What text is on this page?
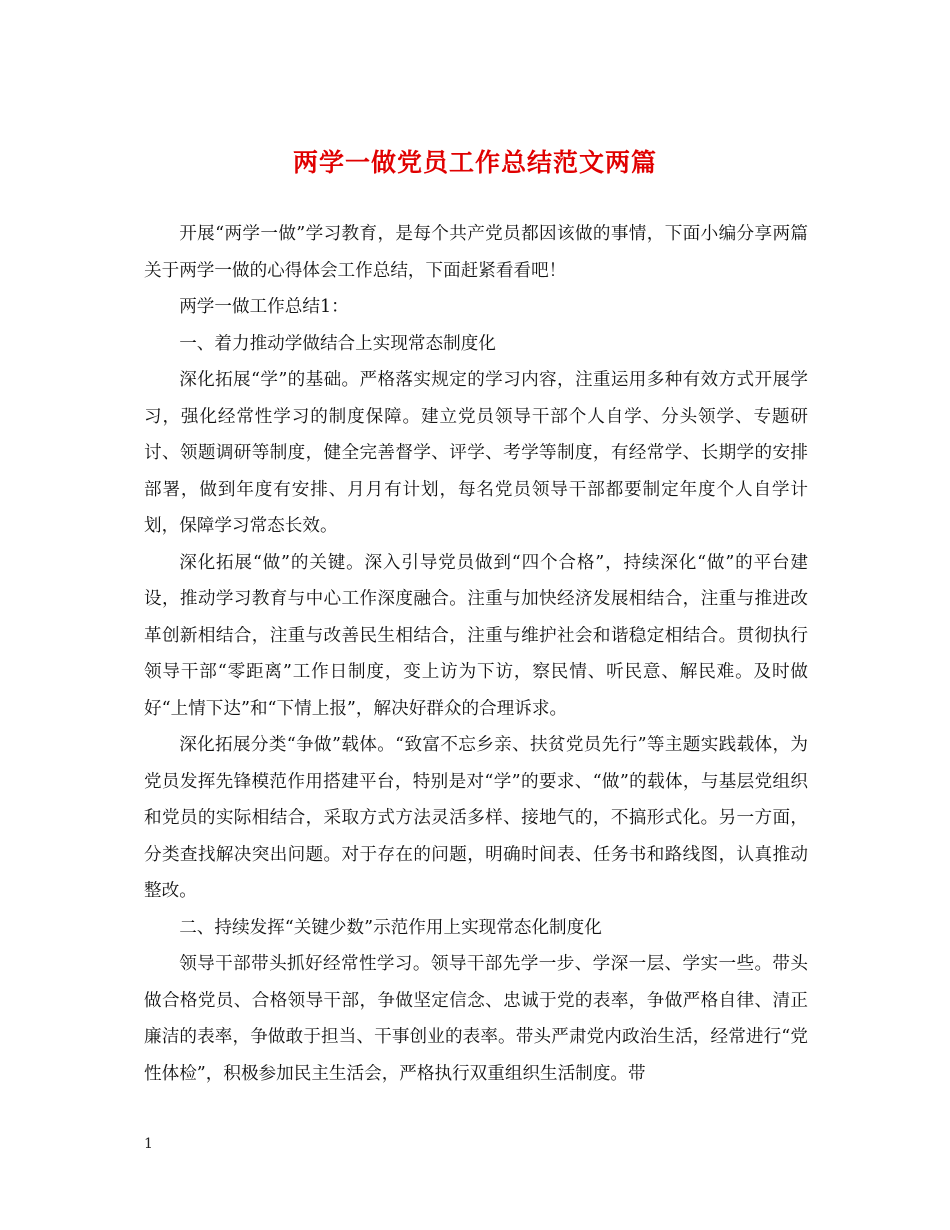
两学一做党员工作总结范文两篇

开展“两学一做”学习教育，是每个共产党员都因该做的事情，下面小编分享两篇关于两学一做的心得体会工作总结，下面赶紧看看吧！

两学一做工作总结1：

一、着力推动学做结合上实现常态制度化

深化拓展“学”的基础。严格落实规定的学习内容，注重运用多种有效方式开展学习，强化经常性学习的制度保障。建立党员领导干部个人自学、分头领学、专题研讨、领题调研等制度，健全完善督学、评学、考学等制度，有经常学、长期学的安排部署，做到年度有安排、月月有计划，每名党员领导干部都要制定年度个人自学计划，保障学习常态长效。

深化拓展“做”的关键。深入引导党员做到“四个合格”，持续深化“做”的平台建设，推动学习教育与中心工作深度融合。注重与加快经济发展相结合，注重与推进改革创新相结合，注重与改善民生相结合，注重与维护社会和谐稳定相结合。贯彻执行领导干部“零距离”工作日制度，变上访为下访，察民情、听民意、解民难。及时做好“上情下达”和“下情上报”，解决好群众的合理诉求。

深化拓展分类“争做”载体。“致富不忘乡亲、扶贫党员先行”等主题实践载体，为党员发挥先锋模范作用搭建平台，特别是对“学”的要求、“做”的载体，与基层党组织和党员的实际相结合，采取方式方法灵活多样、接地气的，不搞形式化。另一方面，分类查找解决突出问题。对于存在的问题，明确时间表、任务书和路线图，认真推动整改。

二、持续发挥“关键少数”示范作用上实现常态化制度化

领导干部带头抓好经常性学习。领导干部先学一步、学深一层、学实一些。带头做合格党员、合格领导干部，争做坚定信念、忠诚于党的表率，争做严格自律、清正廉洁的表率，争做敢于担当、干事创业的表率。带头严肃党内政治生活，经常进行“党性体检”，积极参加民主生活会，严格执行双重组织生活制度。带

1
